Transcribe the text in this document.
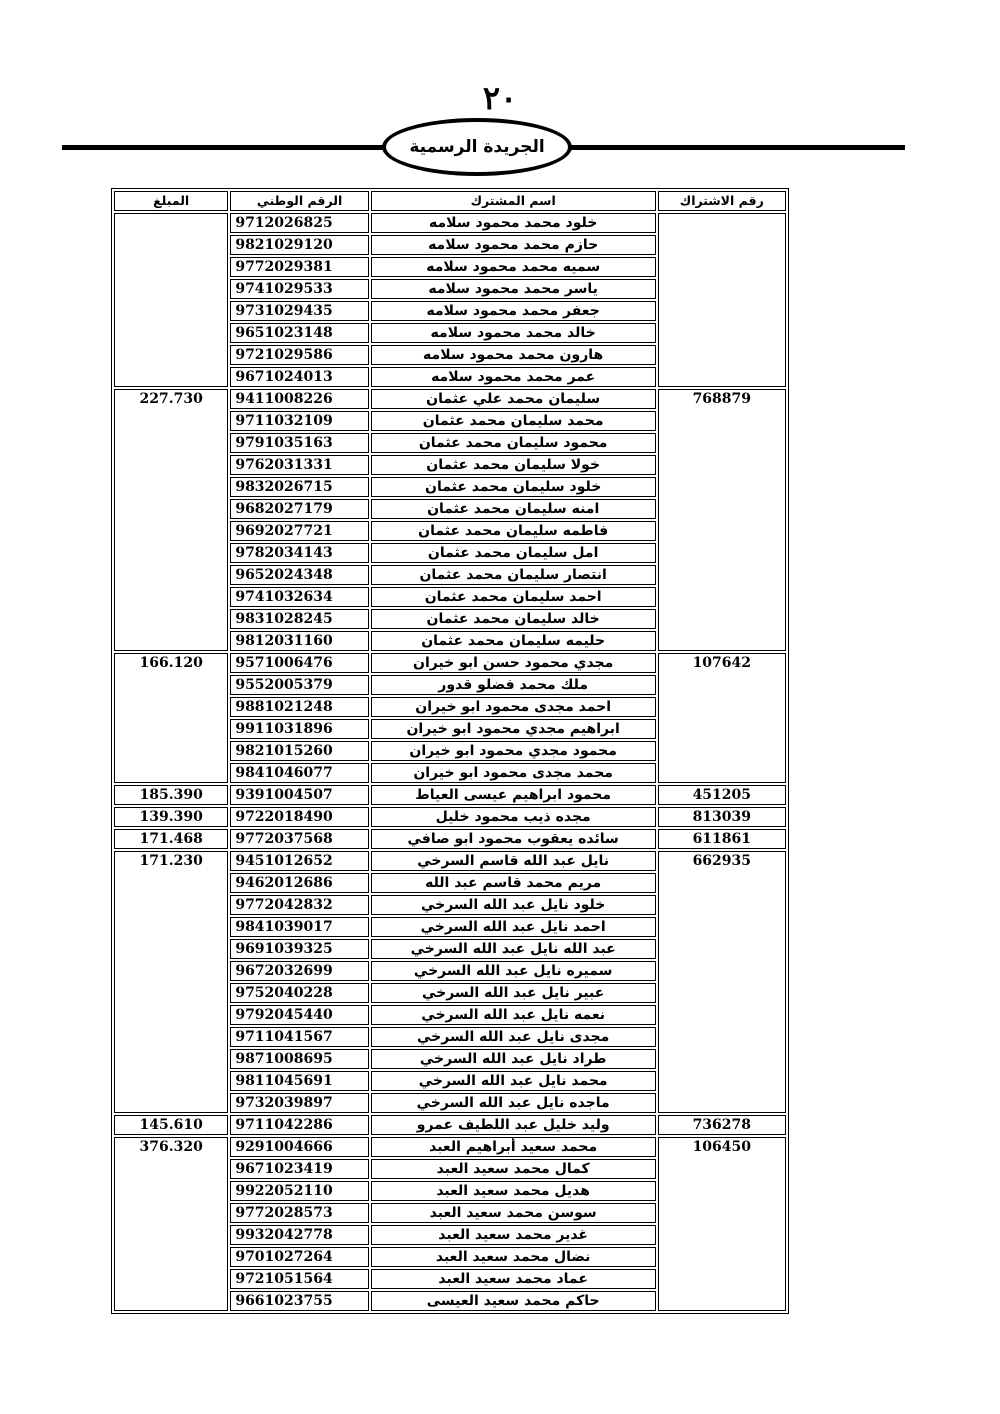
٢٠
الجريدة الرسمية
المبلغ	الرقم الوطني	اسم المشترك	رقم الاشتراك
	9712026825	خلود محمد محمود سلامه	
	9821029120	حازم محمد محمود سلامه	
	9772029381	سميه محمد محمود سلامه	
	9741029533	ياسر محمد محمود سلامه	
	9731029435	جعفر محمد محمود سلامه	
	9651023148	خالد محمد محمود سلامه	
	9721029586	هارون محمد محمود سلامه	
	9671024013	عمر محمد محمود سلامه	
227.730	9411008226	سليمان محمد علي عثمان	768879
	9711032109	محمد سليمان محمد عثمان	
	9791035163	محمود سليمان محمد عثمان	
	9762031331	خولا سليمان محمد عثمان	
	9832026715	خلود سليمان محمد عثمان	
	9682027179	امنه سليمان محمد عثمان	
	9692027721	فاطمه سليمان محمد عثمان	
	9782034143	امل سليمان محمد عثمان	
	9652024348	انتصار سليمان محمد عثمان	
	9741032634	احمد سليمان محمد عثمان	
	9831028245	خالد سليمان محمد عثمان	
	9812031160	حليمه سليمان محمد عثمان	
166.120	9571006476	مجدي محمود حسن ابو خيران	107642
	9552005379	ملك محمد فضلو قدور	
	9881021248	احمد مجدى محمود ابو خيران	
	9911031896	ابراهيم مجدي محمود ابو خيران	
	9821015260	محمود مجدي محمود ابو خيران	
	9841046077	محمد مجدى محمود ابو خيران	
185.390	9391004507	محمود ابراهيم عيسى العياط	451205
139.390	9722018490	مجده ذيب محمود خليل	813039
171.468	9772037568	سائده يعقوب محمود ابو صافي	611861
171.230	9451012652	نايل عبد الله قاسم السرخي	662935
	9462012686	مريم محمد قاسم عبد الله	
	9772042832	خلود نايل عبد الله السرخي	
	9841039017	احمد نايل عبد الله السرخي	
	9691039325	عبد الله نايل عبد الله السرخي	
	9672032699	سميره نايل عبد الله السرخي	
	9752040228	عبير نايل عبد الله السرخي	
	9792045440	نعمه نايل عبد الله السرخي	
	9711041567	مجدى نايل عبد الله السرخي	
	9871008695	طراد نايل عبد الله السرخي	
	9811045691	محمد نايل عبد الله السرخي	
	9732039897	ماجده نايل عبد الله السرخي	
145.610	9711042286	وليد خليل عبد اللطيف عمرو	736278
376.320	9291004666	محمد سعيد أبراهيم العبد	106450
	9671023419	كمال محمد سعيد العبد	
	9922052110	هديل محمد سعيد العبد	
	9772028573	سوسن محمد سعيد العبد	
	9932042778	غدير محمد سعيد العبد	
	9701027264	نضال محمد سعيد العبد	
	9721051564	عماد محمد سعيد العبد	
	9661023755	حاكم محمد سعيد العيسى	
